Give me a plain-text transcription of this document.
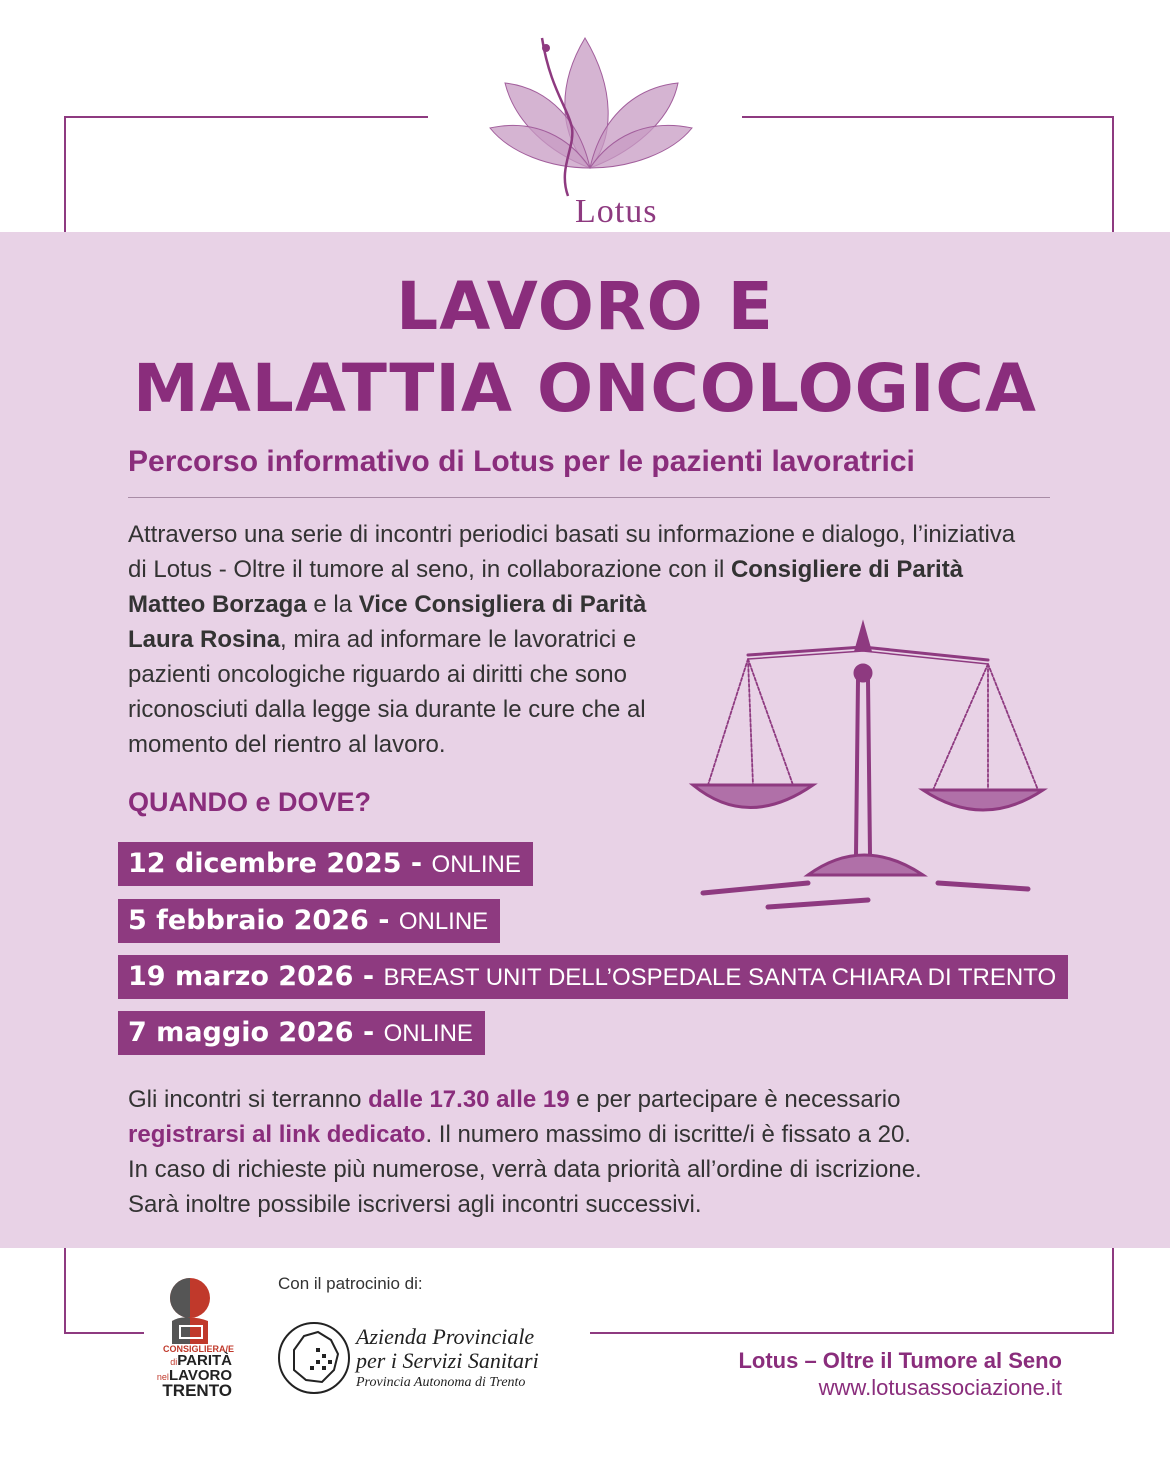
Lotus
LAVORO E
MALATTIA ONCOLOGICA
Percorso informativo di Lotus per le pazienti lavoratrici
Attraverso una serie di incontri periodici basati su informazione e dialogo, l’iniziativa
di Lotus - Oltre il tumore al seno, in collaborazione con il Consigliere di Parità
Matteo Borzaga e la Vice Consigliera di Parità
Laura Rosina, mira ad informare le lavoratrici e
pazienti oncologiche riguardo ai diritti che sono
riconosciuti dalla legge sia durante le cure che al
momento del rientro al lavoro.
QUANDO e DOVE?
12 dicembre 2025 - ONLINE
5 febbraio 2026 - ONLINE
19 marzo 2026 - BREAST UNIT DELL’OSPEDALE SANTA CHIARA DI TRENTO
7 maggio 2026 - ONLINE
Gli incontri si terranno dalle 17.30 alle 19 e per partecipare è necessario
registrarsi al link dedicato. Il numero massimo di iscritte/i è fissato a 20.
In caso di richieste più numerose, verrà data priorità all’ordine di iscrizione.
Sarà inoltre possibile iscriversi agli incontri successivi.
Con il patrocinio di:
CONSIGLIERA/E
diPARITÀ
nelLAVORO
TRENTO
Azienda Provinciale
per i Servizi Sanitari
Provincia Autonoma di Trento
Lotus – Oltre il Tumore al Seno
www.lotusassociazione.it
